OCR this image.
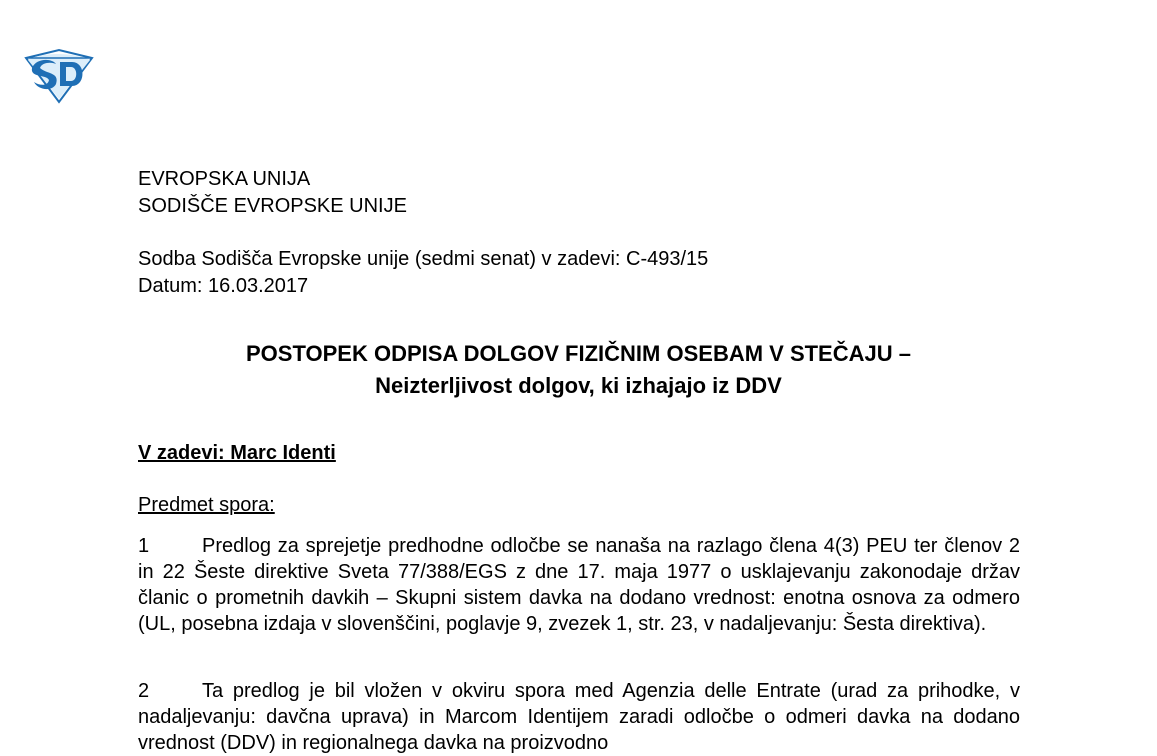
EVROPSKA UNIJA
SODIŠČE EVROPSKE UNIJE
Sodba Sodišča Evropske unije (sedmi senat) v zadevi: C-493/15
Datum: 16.03.2017
POSTOPEK ODPISA DOLGOV FIZIČNIM OSEBAM V STEČAJU –
Neizterljivost dolgov, ki izhajajo iz DDV
V zadevi: Marc Identi
Predmet spora:
1	Predlog za sprejetje predhodne odločbe se nanaša na razlago člena 4(3) PEU ter členov 2 in 22 Šeste direktive Sveta 77/388/EGS z dne 17. maja 1977 o usklajevanju zakonodaje držav članic o prometnih davkih – Skupni sistem davka na dodano vrednost: enotna osnova za odmero (UL, posebna izdaja v slovenščini, poglavje 9, zvezek 1, str. 23, v nadaljevanju: Šesta direktiva).
2	Ta predlog je bil vložen v okviru spora med Agenzia delle Entrate (urad za prihodke, v nadaljevanju: davčna uprava) in Marcom Identijem zaradi odločbe o odmeri davka na dodano vrednost (DDV) in regionalnega davka na proizvodno
